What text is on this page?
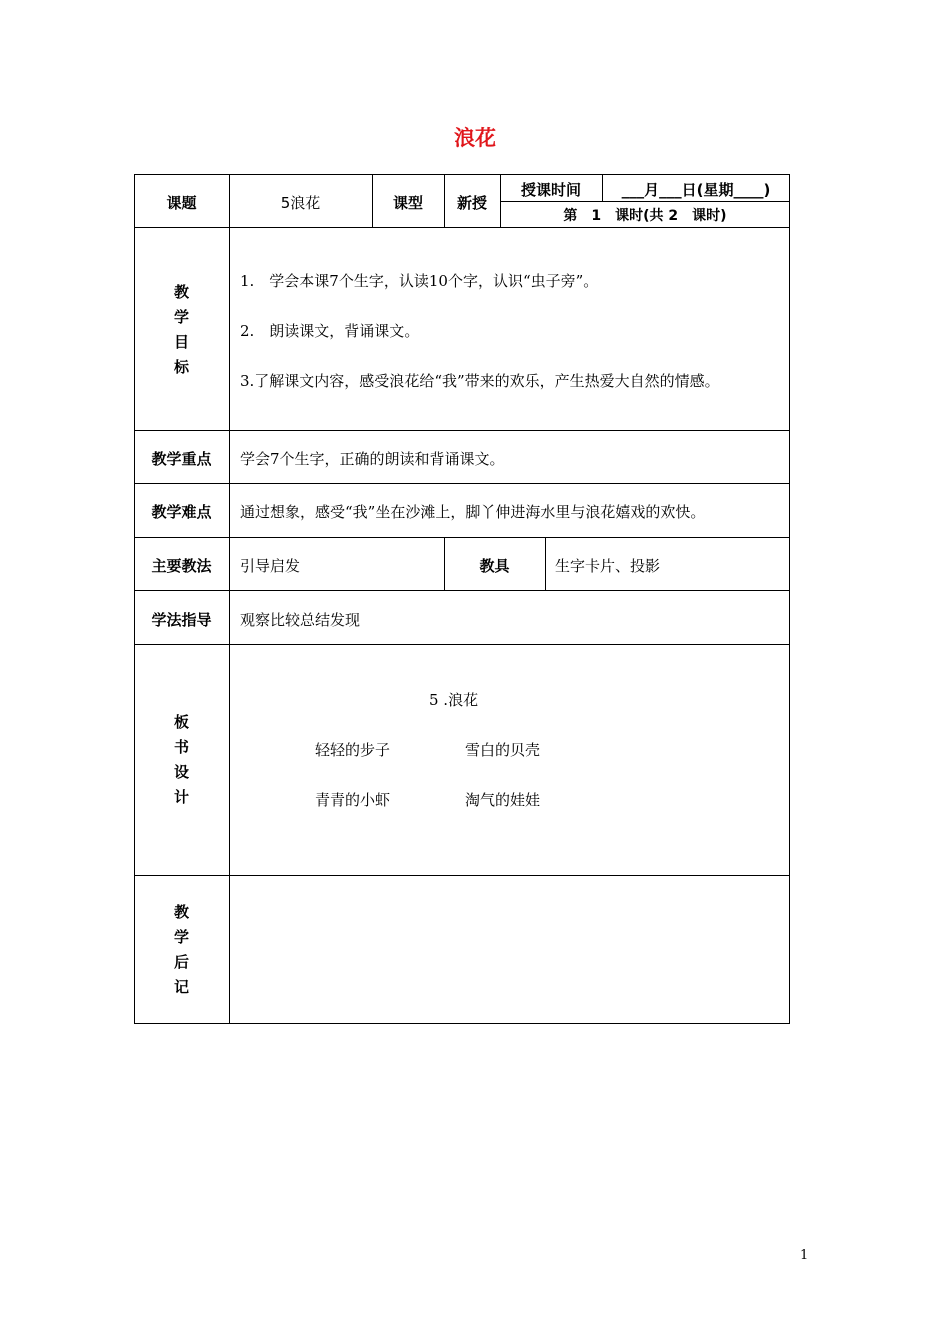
浪花
课题	5浪花	课型	新授
授课时间	___月___日(星期____)
第　1　课时(共 2　课时)
教
学
目
标
1.　学会本课7个生字，认读10个字，认识“虫子旁”。
2.　朗读课文，背诵课文。
3.了解课文内容，感受浪花给“我”带来的欢乐，产生热爱大自然的情感。
教学重点	学会7个生字，正确的朗读和背诵课文。
教学难点	通过想象，感受“我”坐在沙滩上，脚丫伸进海水里与浪花嬉戏的欢快。
主要教法	引导启发	教具	生字卡片、投影
学法指导	观察比较总结发现
板
书
设
计
5 .浪花
轻轻的步子	雪白的贝壳
青青的小虾	淘气的娃娃
教
学
后
记
1
